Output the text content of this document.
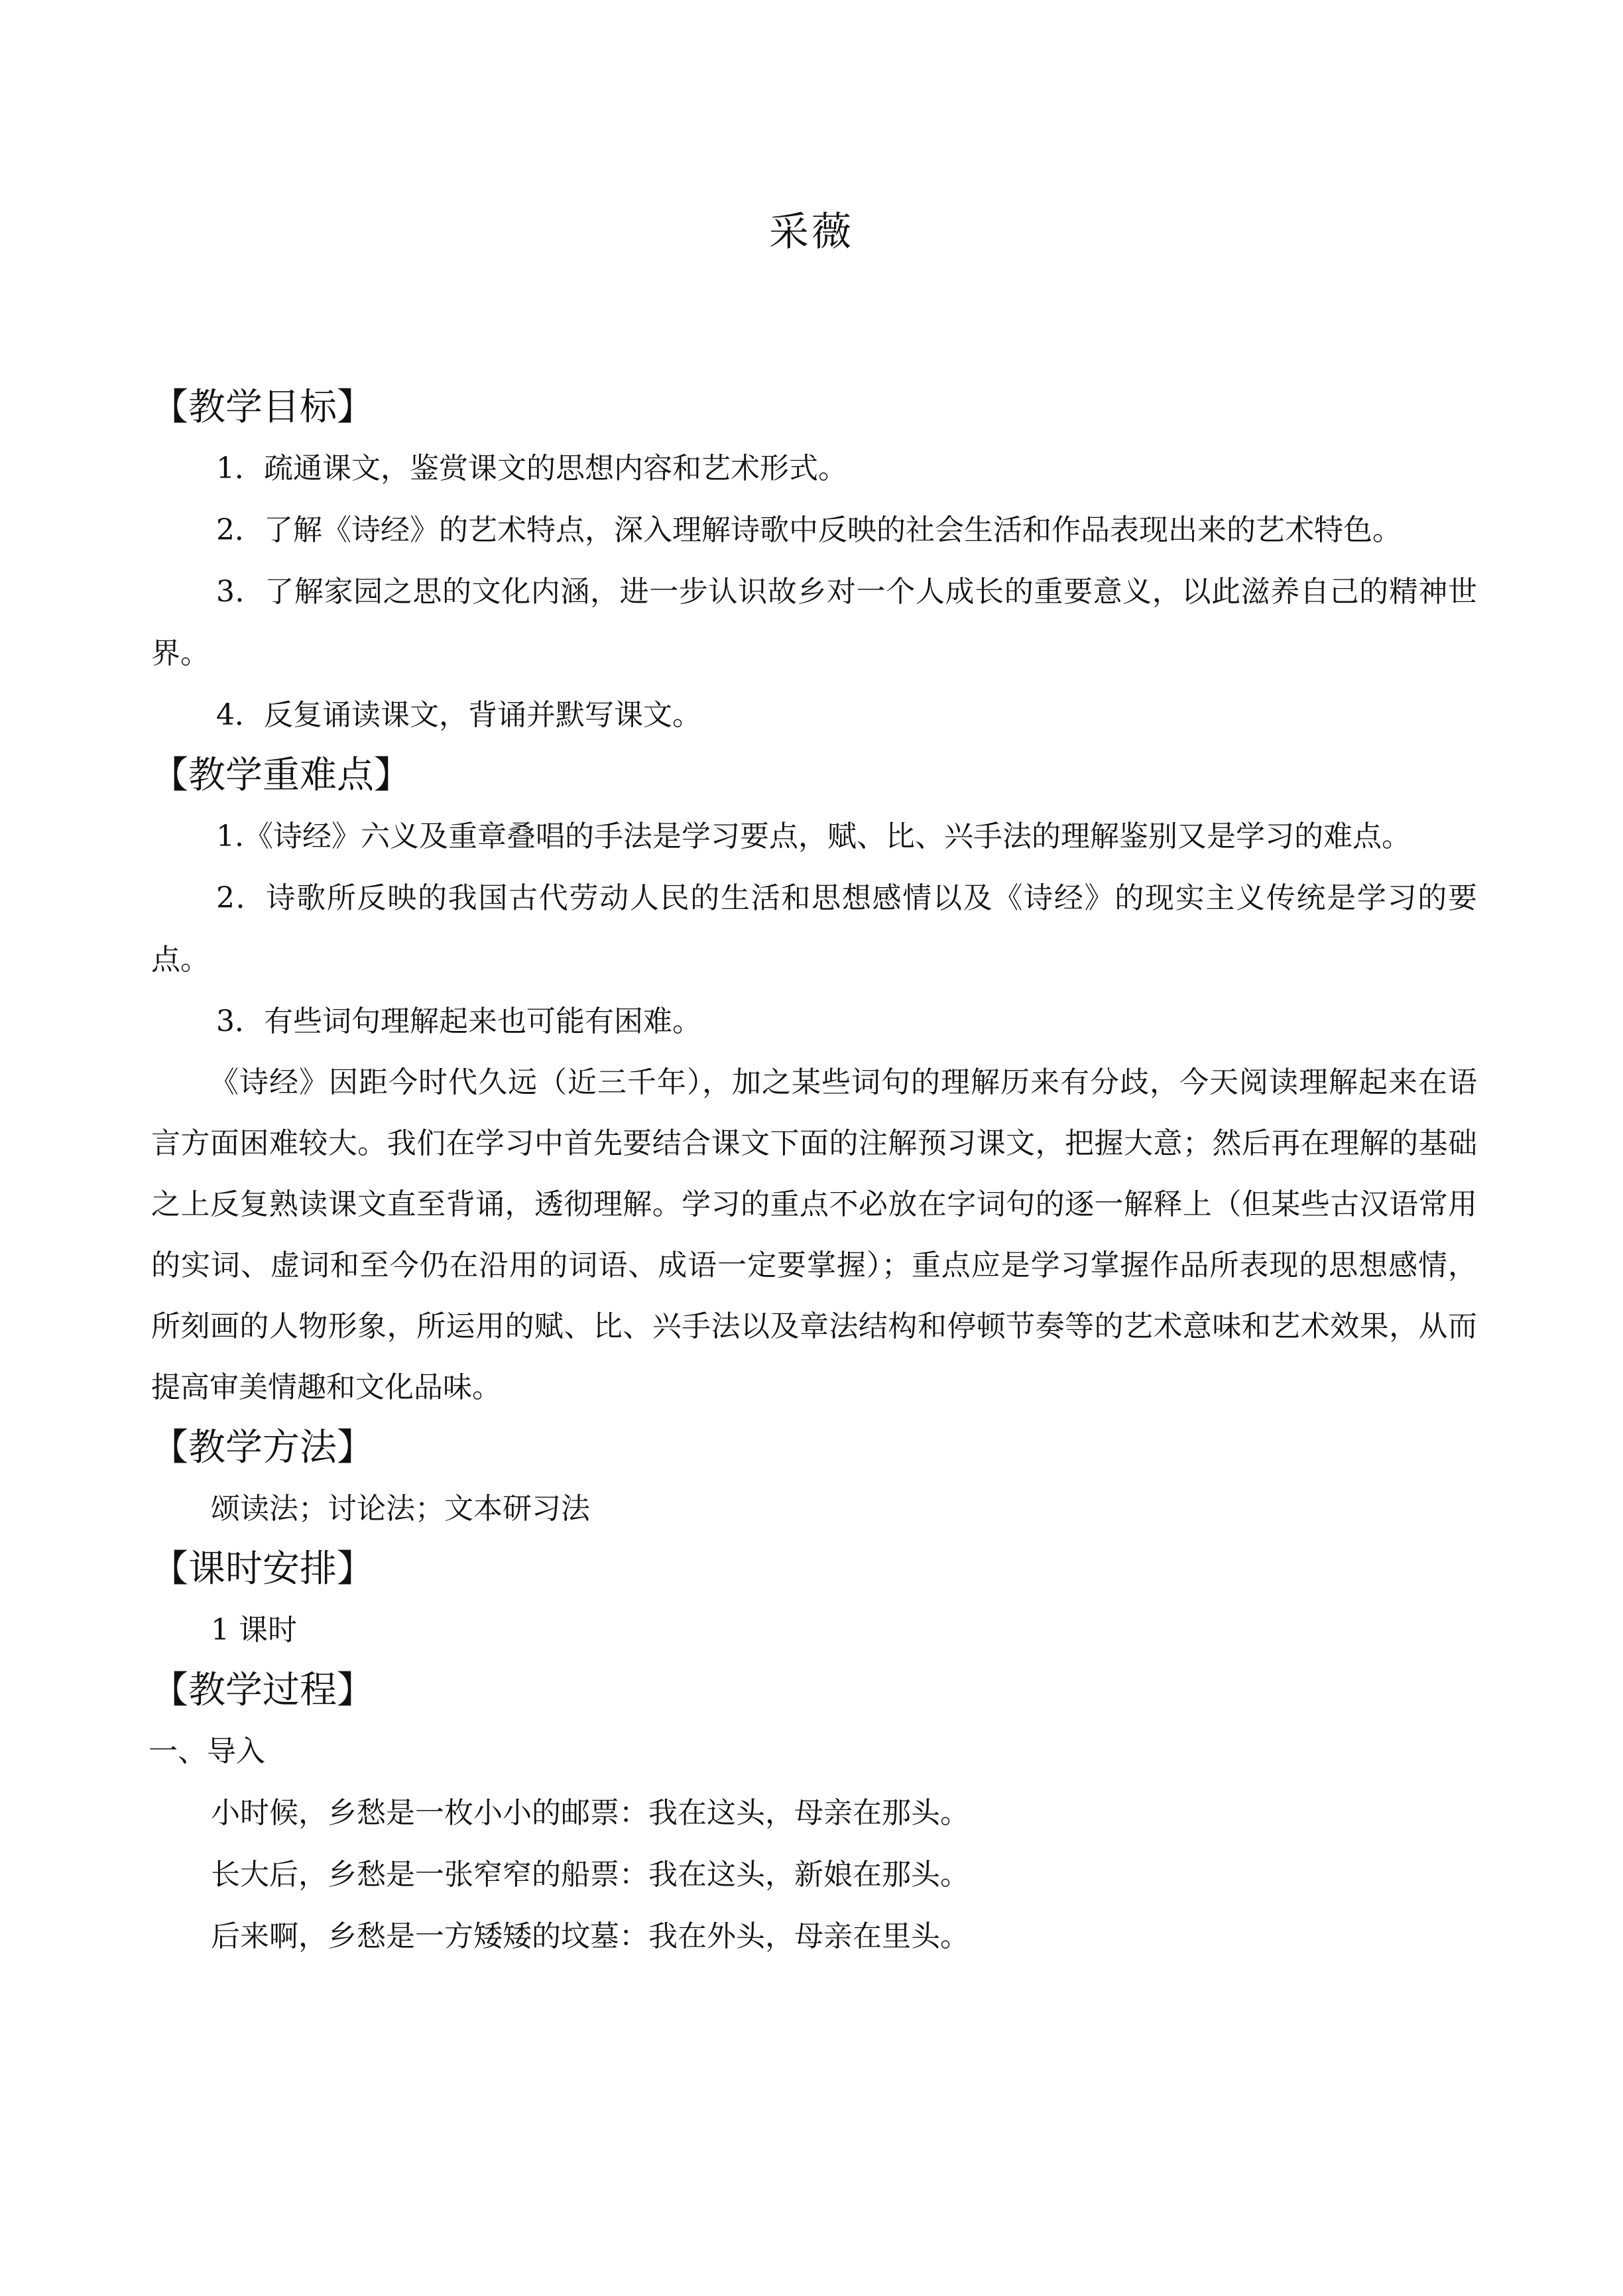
采薇
【教学目标】
1．疏通课文，鉴赏课文的思想内容和艺术形式。
2．了解《诗经》的艺术特点，深入理解诗歌中反映的社会生活和作品表现出来的艺术特色。
3．了解家园之思的文化内涵，进一步认识故乡对一个人成长的重要意义，以此滋养自己的精神世界。
4．反复诵读课文，背诵并默写课文。
【教学重难点】
1.《诗经》六义及重章叠唱的手法是学习要点，赋、比、兴手法的理解鉴别又是学习的难点。
2．诗歌所反映的我国古代劳动人民的生活和思想感情以及《诗经》的现实主义传统是学习的要点。
3．有些词句理解起来也可能有困难。
《诗经》因距今时代久远（近三千年），加之某些词句的理解历来有分歧，今天阅读理解起来在语言方面困难较大。我们在学习中首先要结合课文下面的注解预习课文，把握大意；然后再在理解的基础之上反复熟读课文直至背诵，透彻理解。学习的重点不必放在字词句的逐一解释上（但某些古汉语常用的实词、虚词和至今仍在沿用的词语、成语一定要掌握）；重点应是学习掌握作品所表现的思想感情，所刻画的人物形象，所运用的赋、比、兴手法以及章法结构和停顿节奏等的艺术意味和艺术效果，从而提高审美情趣和文化品味。
【教学方法】
颂读法；讨论法；文本研习法
【课时安排】
1 课时
【教学过程】
一、导入
小时候，乡愁是一枚小小的邮票：我在这头，母亲在那头。
长大后，乡愁是一张窄窄的船票：我在这头，新娘在那头。
后来啊，乡愁是一方矮矮的坟墓：我在外头，母亲在里头。
